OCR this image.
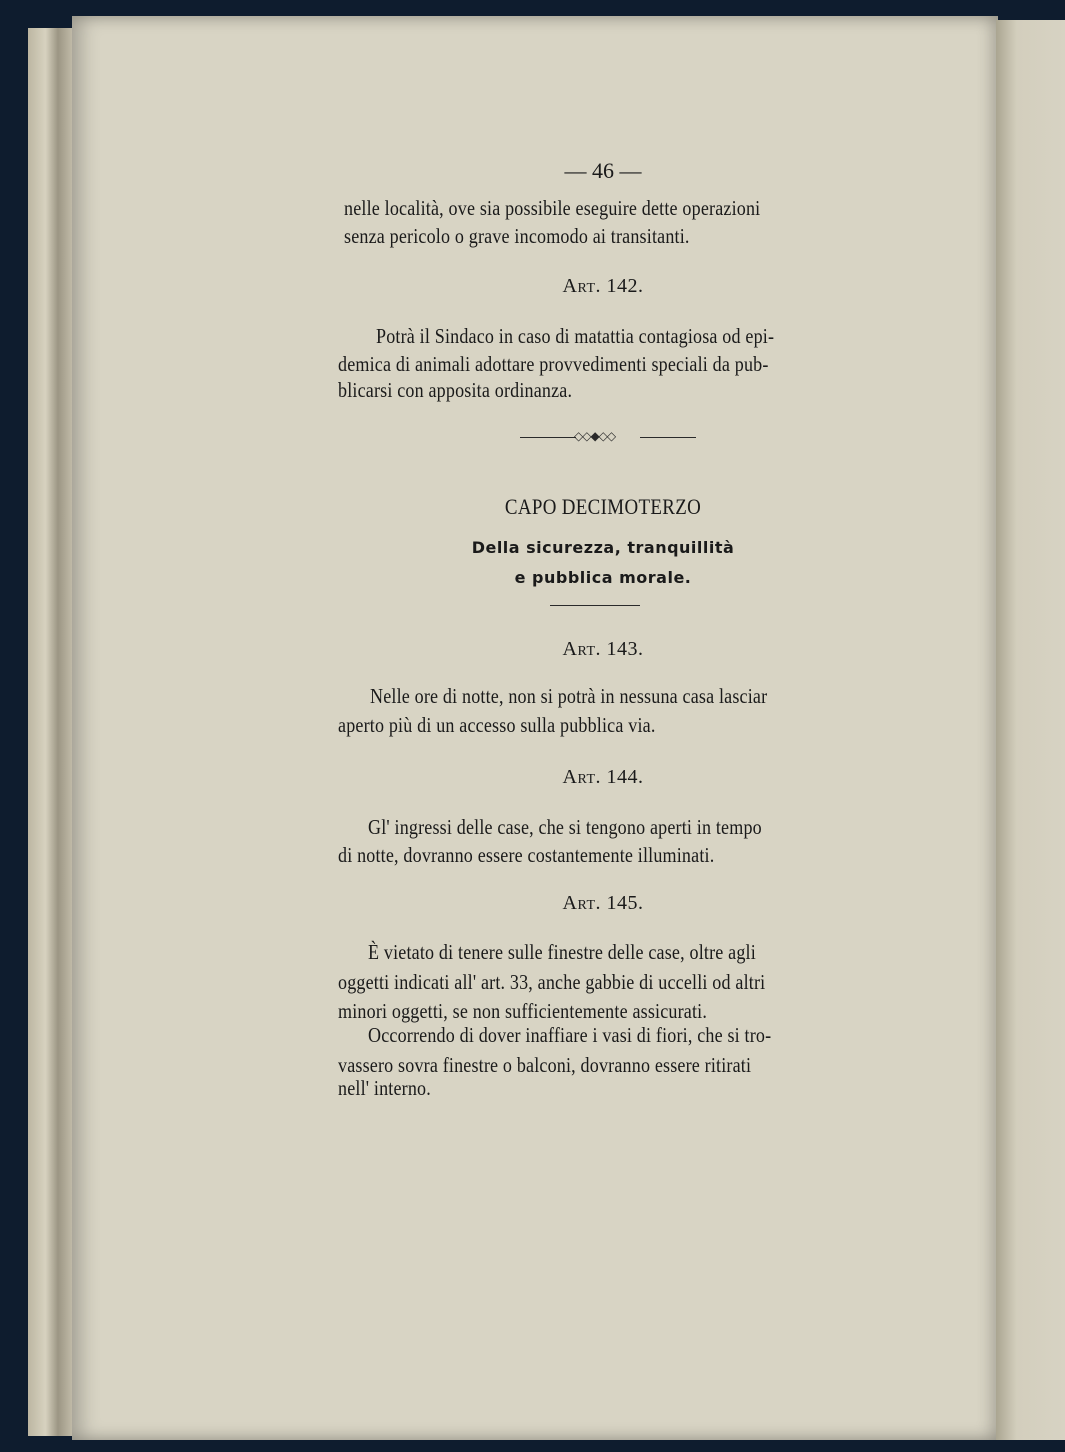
— 46 —
nelle località, ove sia possibile eseguire dette operazioni
senza pericolo o grave incomodo ai transitanti.
Art. 142.
Potrà il Sindaco in caso di matattia contagiosa od epi-
demica di animali adottare provvedimenti speciali da pub-
blicarsi con apposita ordinanza.
◇◇◆◇◇
CAPO DECIMOTERZO
Della sicurezza, tranquillità
e pubblica morale.
Art. 143.
Nelle ore di notte, non si potrà in nessuna casa lasciar
aperto più di un accesso sulla pubblica via.
Art. 144.
Gl' ingressi delle case, che si tengono aperti in tempo
di notte, dovranno essere costantemente illuminati.
Art. 145.
È vietato di tenere sulle finestre delle case, oltre agli
oggetti indicati all' art. 33, anche gabbie di uccelli od altri
minori oggetti, se non sufficientemente assicurati.
Occorrendo di dover inaffiare i vasi di fiori, che si tro-
vassero sovra finestre o balconi, dovranno essere ritirati
nell' interno.
